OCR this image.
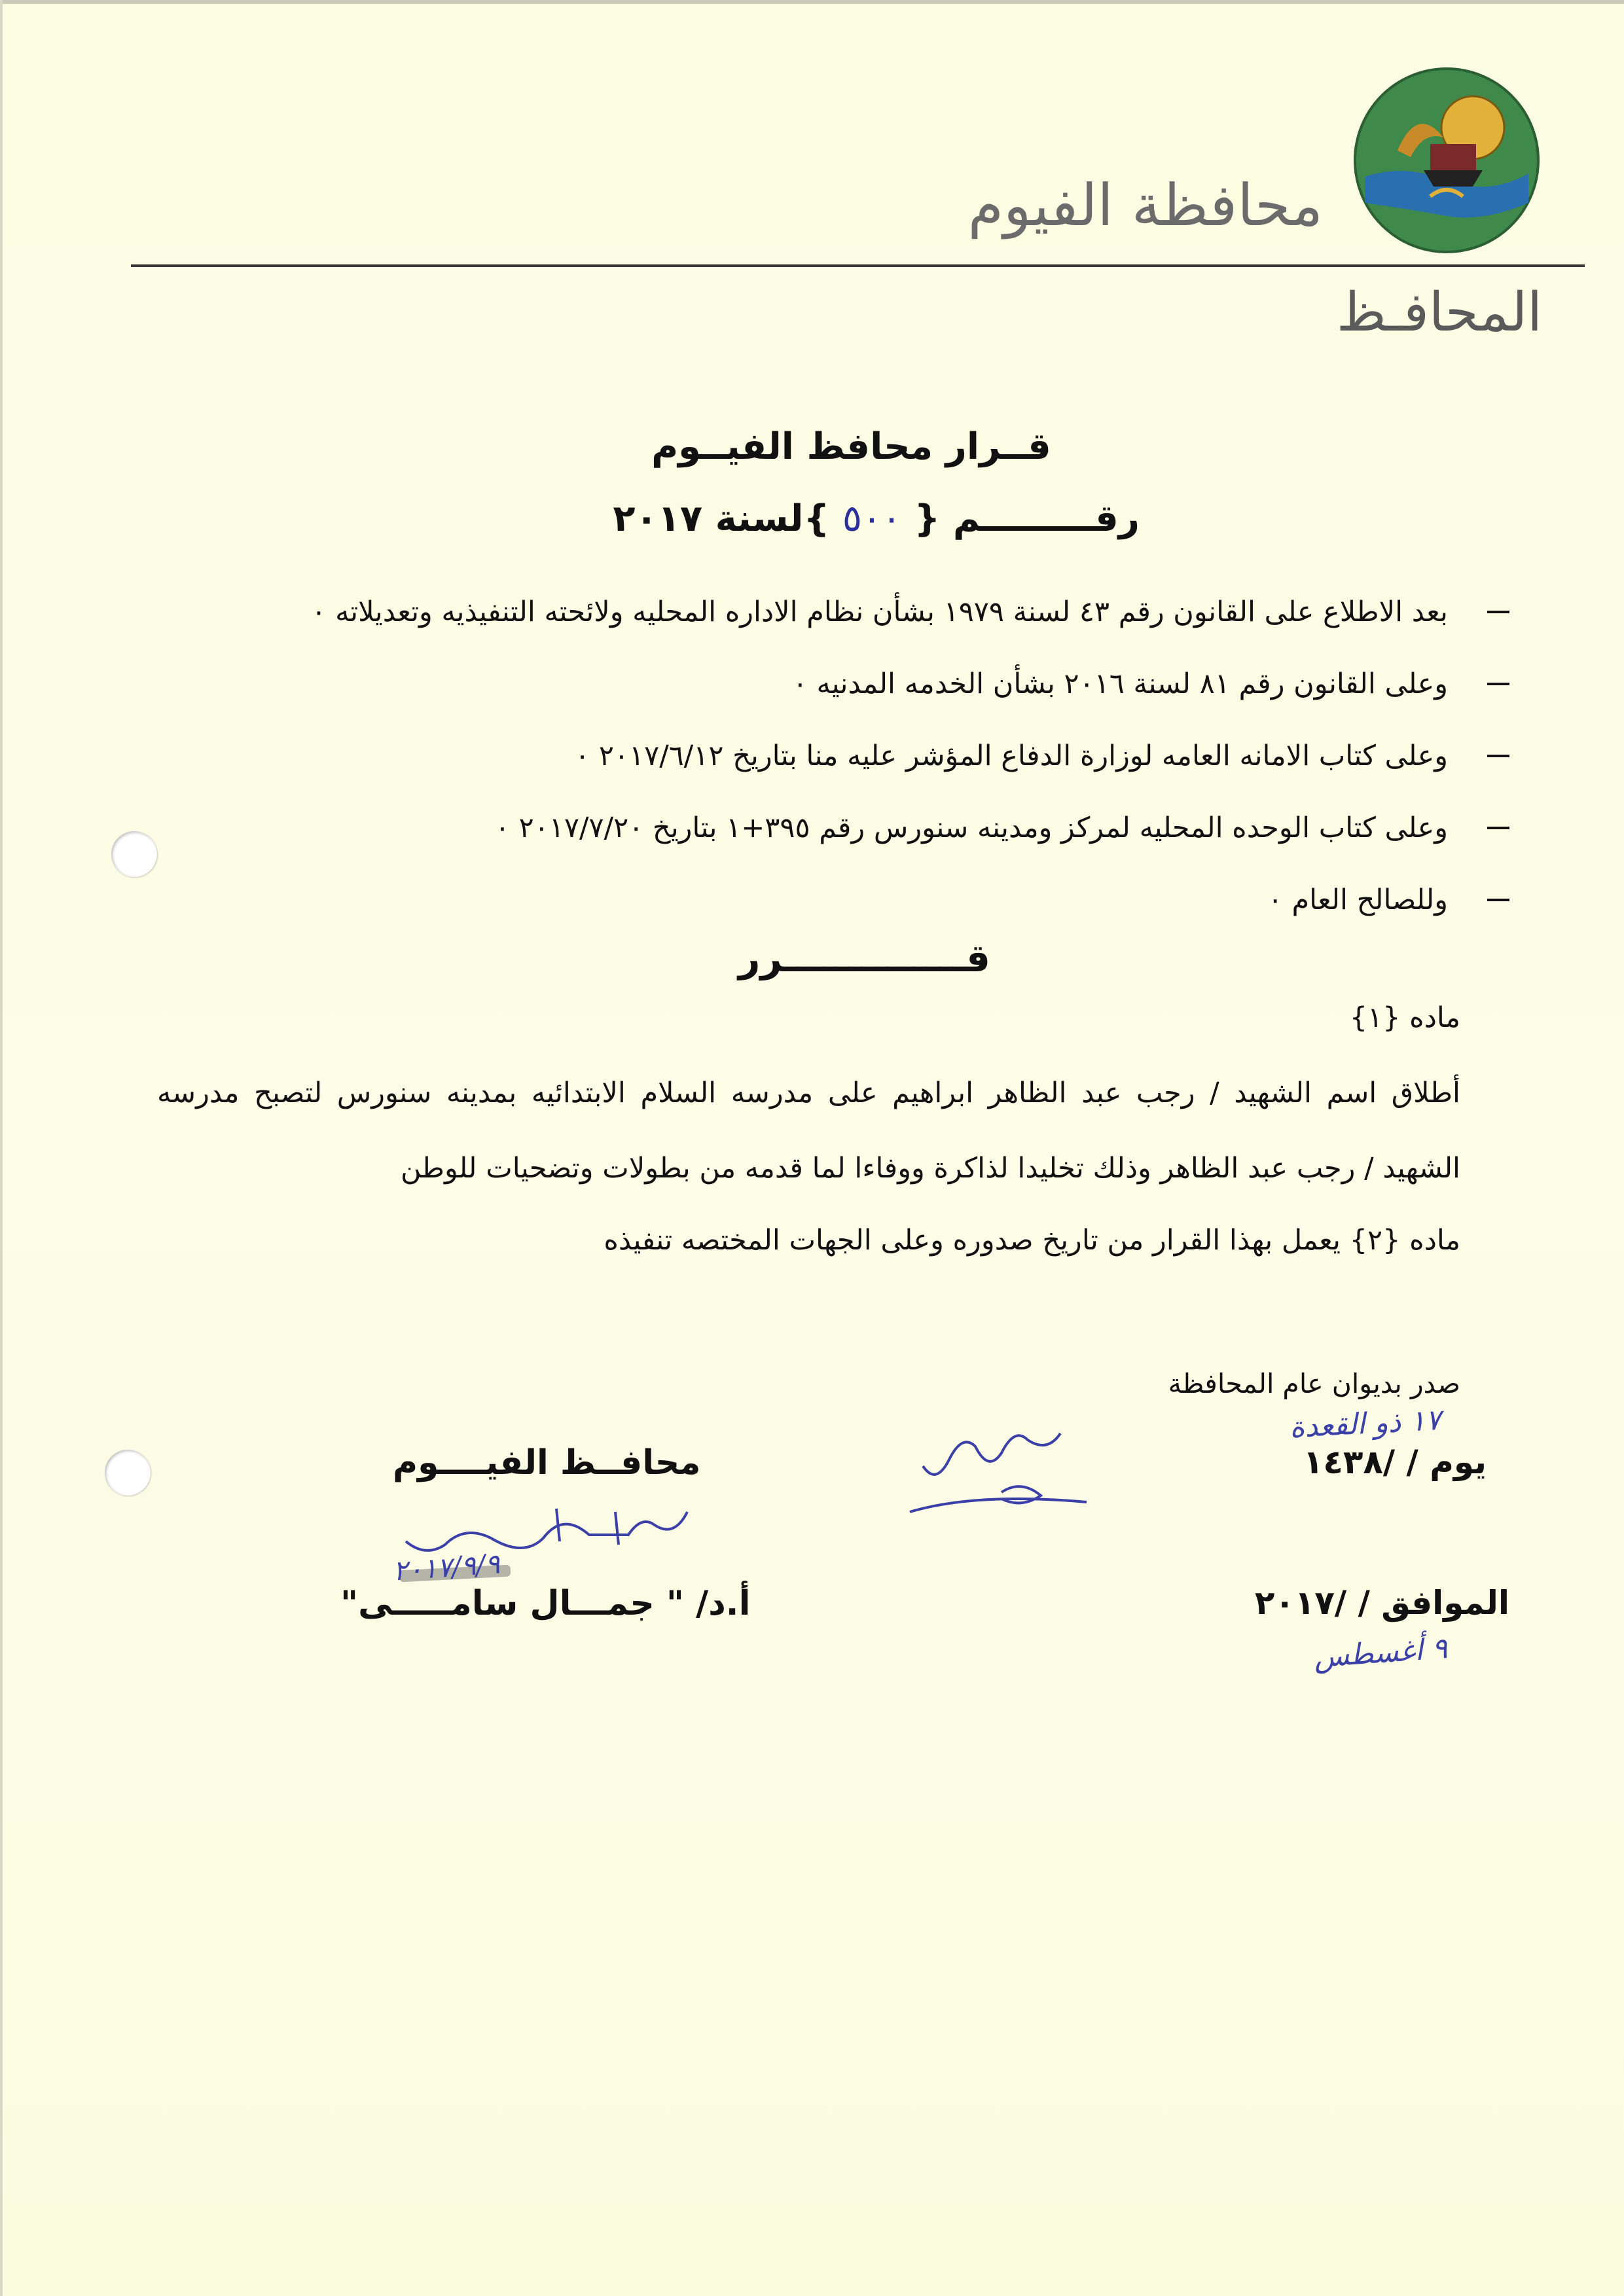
محافظة الفيوم
المحافـظ
قــرار محافظ الفيــوم
رقـــــــــم { ٥٠٠ }لسنة ٢٠١٧
بعد الاطلاع على القانون رقم ٤٣ لسنة ١٩٧٩ بشأن نظام الاداره المحليه ولائحته التنفيذيه وتعديلاته ٠
وعلى القانون رقم ٨١ لسنة ٢٠١٦ بشأن الخدمه المدنيه ٠
وعلى كتاب الامانه العامه لوزارة الدفاع المؤشر عليه منا بتاريخ ٢٠١٧/٦/١٢ ٠
وعلى كتاب الوحده المحليه لمركز ومدينه سنورس رقم ٣٩٥+١ بتاريخ ٢٠١٧/٧/٢٠ ٠
وللصالح العام ٠
قــــــــــــــرر
ماده {١}
أطلاق اسم الشهيد / رجب عبد الظاهر ابراهيم على مدرسه السلام الابتدائيه بمدينه سنورس لتصبح مدرسه
الشهيد / رجب عبد الظاهر وذلك تخليدا لذاكرة ووفاءا لما قدمه من بطولات وتضحيات للوطن
ماده {٢} يعمل بهذا القرار من تاريخ صدوره وعلى الجهات المختصه تنفيذه
صدر بديوان عام المحافظة
١٧ ذو القعدة
يوم / /١٤٣٨
الموافق / /٢٠١٧
٩ أغسطس
محافــظ الفيــــوم
٢٠١٧/٩/٩
أ.د/ " جمـــال سامـــــى"
